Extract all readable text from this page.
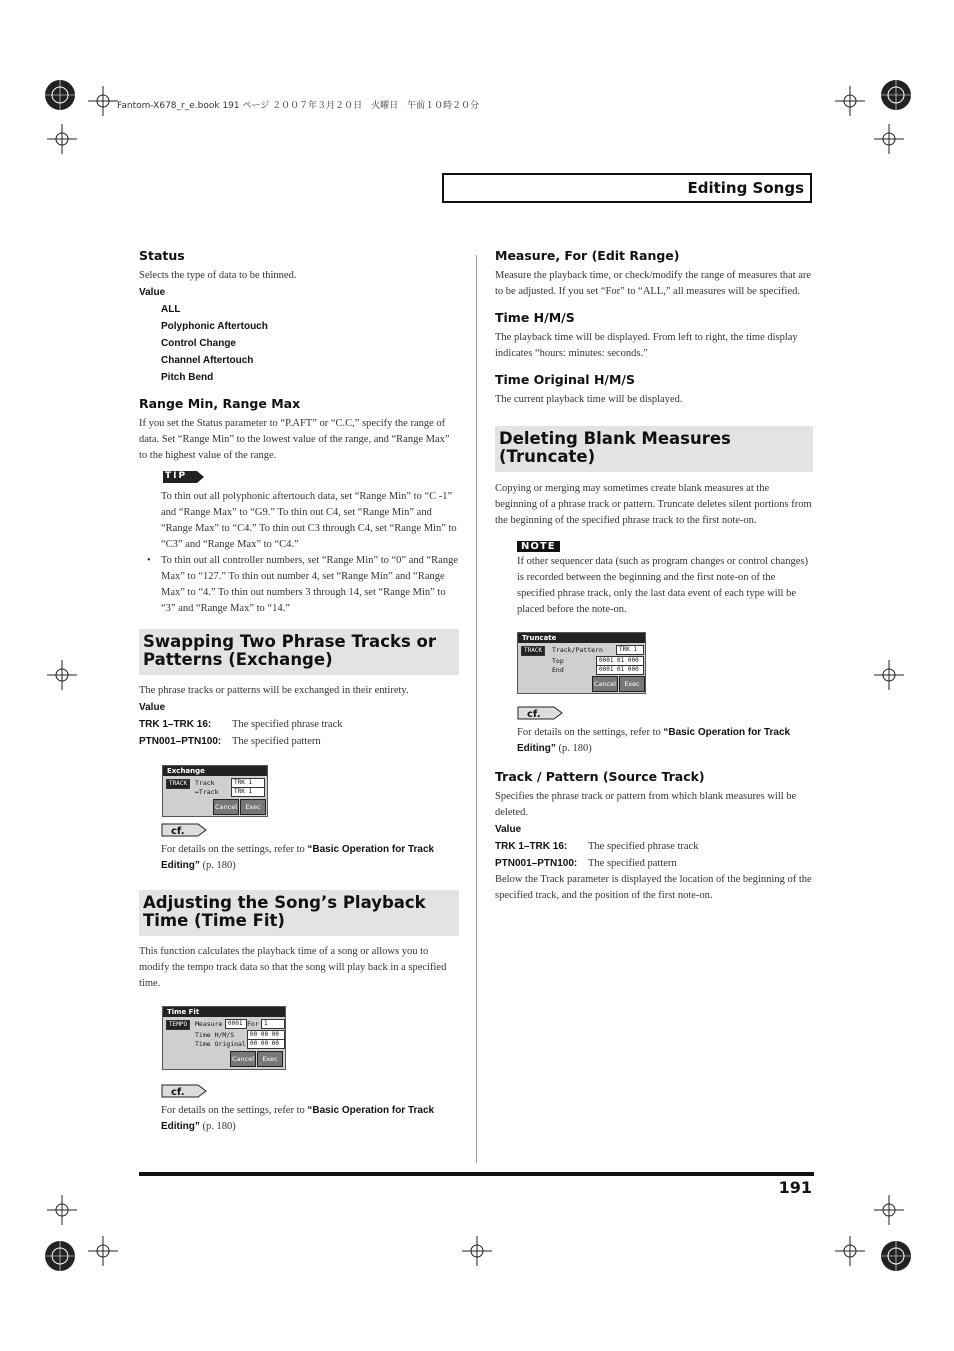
Fantom-X678_r_e.book 191 ページ ２００７年３月２０日　火曜日　午前１０時２０分
Editing Songs
Status

Selects the type of data to be thinned.

Value

ALL

Polyphonic Aftertouch

Control Change

Channel Aftertouch

Pitch Bend

Range Min, Range Max

If you set the Status parameter to “P.AFT” or “C.C,” specify the range of data. Set “Range Min” to the lowest value of the range, and “Range Max” to the highest value of the range.

TIP

To thin out all polyphonic aftertouch data, set “Range Min” to “C -1” and “Range Max” to “G9.” To thin out C4, set “Range Min” and “Range Max” to “C4.” To thin out C3 through C4, set “Range Min” to “C3” and “Range Max” to “C4.”

• To thin out all controller numbers, set “Range Min” to “0” and “Range Max” to “127.” To thin out number 4, set “Range Min” and “Range Max” to “4.” To thin out numbers 3 through 14, set “Range Min” to “3” and “Range Max” to “14.”
Swapping Two Phrase Tracks or Patterns (Exchange)

The phrase tracks or patterns will be exchanged in their entirety.

Value

TRK 1–TRK 16:	The specified phrase track
PTN001–PTN100:	The specified pattern
Exchange
TRACK	Track
↔Track
TRK 1
TRK 1
Cancel	Exec
cf.

For details on the settings, refer to “Basic Operation for Track Editing” (p. 180)

Adjusting the Song’s Playback Time (Time Fit)

This function calculates the playback time of a song or allows you to modify the tempo track data so that the song will play back in a specified time.

Time Fit
TEMPO	Measure 0001 For 1
Time H/M/S	00 00 00
Time Original 00 00 00
Cancel	Exec
cf.

For details on the settings, refer to “Basic Operation for Track Editing” (p. 180)

Measure, For (Edit Range)

Measure the playback time, or check/modify the range of measures that are to be adjusted. If you set “For” to “ALL,” all measures will be specified.

Time H/M/S

The playback time will be displayed. From left to right, the time display indicates “hours: minutes: seconds.”

Time Original H/M/S

The current playback time will be displayed.

Deleting Blank Measures (Truncate)

Copying or merging may sometimes create blank measures at the beginning of a phrase track or pattern. Truncate deletes silent portions from the beginning of the specified phrase track to the first note-on.

NOTE

If other sequencer data (such as program changes or control changes) is recorded between the beginning and the first note-on of the specified phrase track, only the last data event of each type will be placed before the note-on.

Truncate
TRACK	Track/Pattern	TRK 1
Top	0001 01 000
End	0001 01 000
Cancel	Exec
cf.

For details on the settings, refer to “Basic Operation for Track Editing” (p. 180)

Track / Pattern (Source Track)

Specifies the phrase track or pattern from which blank measures will be deleted.

Value

TRK 1–TRK 16:	The specified phrase track
PTN001–PTN100:	The specified pattern

Below the Track parameter is displayed the location of the beginning of the specified track, and the position of the first note-on.

191
